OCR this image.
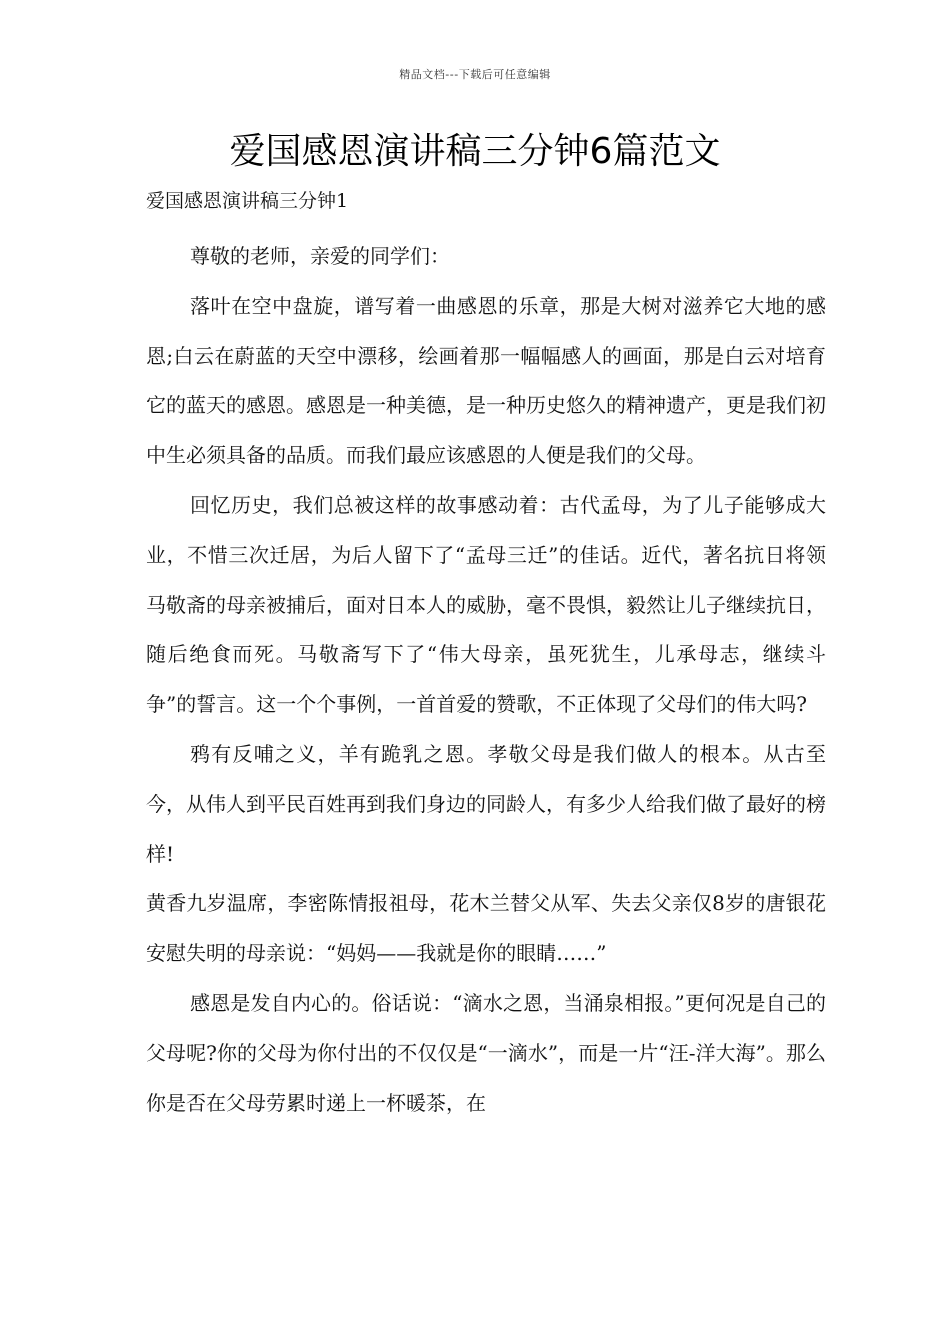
精品文档---下载后可任意编辑
爱国感恩演讲稿三分钟6篇范文
爱国感恩演讲稿三分钟1

尊敬的老师，亲爱的同学们：

落叶在空中盘旋，谱写着一曲感恩的乐章，那是大树对滋养它大地的感恩;白云在蔚蓝的天空中漂移，绘画着那一幅幅感人的画面，那是白云对培育它的蓝天的感恩。感恩是一种美德，是一种历史悠久的精神遗产，更是我们初中生必须具备的品质。而我们最应该感恩的人便是我们的父母。

回忆历史，我们总被这样的故事感动着：古代孟母，为了儿子能够成大业，不惜三次迁居，为后人留下了“孟母三迁”的佳话。近代，著名抗日将领马敬斋的母亲被捕后，面对日本人的威胁，毫不畏惧，毅然让儿子继续抗日，随后绝食而死。马敬斋写下了“伟大母亲，虽死犹生，儿承母志，继续斗争”的誓言。这一个个事例，一首首爱的赞歌，不正体现了父母们的伟大吗?

鸦有反哺之义，羊有跪乳之恩。孝敬父母是我们做人的根本。从古至今，从伟人到平民百姓再到我们身边的同龄人，有多少人给我们做了最好的榜样!

黄香九岁温席，李密陈情报祖母，花木兰替父从军、失去父亲仅8岁的唐银花安慰失明的母亲说：“妈妈——我就是你的眼睛……”

感恩是发自内心的。俗话说：“滴水之恩，当涌泉相报。”更何况是自己的父母呢?你的父母为你付出的不仅仅是“一滴水”，而是一片“汪-洋大海”。那么你是否在父母劳累时递上一杯暖茶，在
